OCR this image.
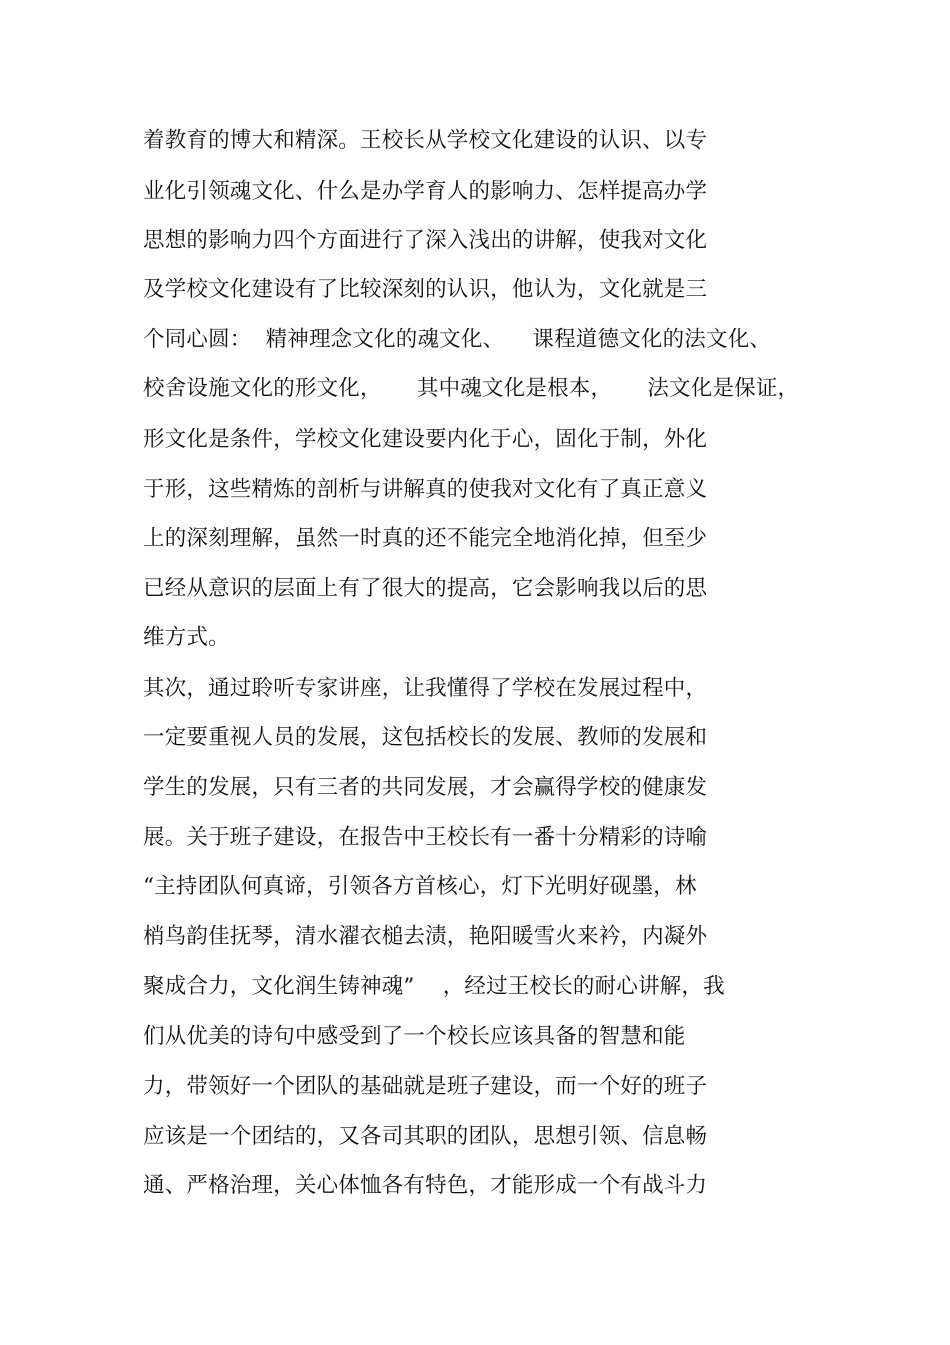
着教育的博大和精深。王校长从学校文化建设的认识、以专
业化引领魂文化、什么是办学育人的影响力、怎样提高办学
思想的影响力四个方面进行了深入浅出的讲解，使我对文化
及学校文化建设有了比较深刻的认识，他认为，文化就是三
个同心圆：  精神理念文化的魂文化、    课程道德文化的法文化、
校舍设施文化的形文化，     其中魂文化是根本，     法文化是保证，
形文化是条件，学校文化建设要内化于心，固化于制，外化
于形，这些精炼的剖析与讲解真的使我对文化有了真正意义
上的深刻理解，虽然一时真的还不能完全地消化掉，但至少
已经从意识的层面上有了很大的提高，它会影响我以后的思
维方式。
其次，通过聆听专家讲座，让我懂得了学校在发展过程中，
一定要重视人员的发展，这包括校长的发展、教师的发展和
学生的发展，只有三者的共同发展，才会赢得学校的健康发
展。关于班子建设，在报告中王校长有一番十分精彩的诗喻
“主持团队何真谛，引领各方首核心，灯下光明好砚墨，林
梢鸟韵佳抚琴，清水濯衣槌去渍，艳阳暖雪火来衿，内凝外
聚成合力，文化润生铸神魂”    ，经过王校长的耐心讲解，我
们从优美的诗句中感受到了一个校长应该具备的智慧和能
力，带领好一个团队的基础就是班子建设，而一个好的班子
应该是一个团结的，又各司其职的团队，思想引领、信息畅
通、严格治理，关心体恤各有特色，才能形成一个有战斗力
